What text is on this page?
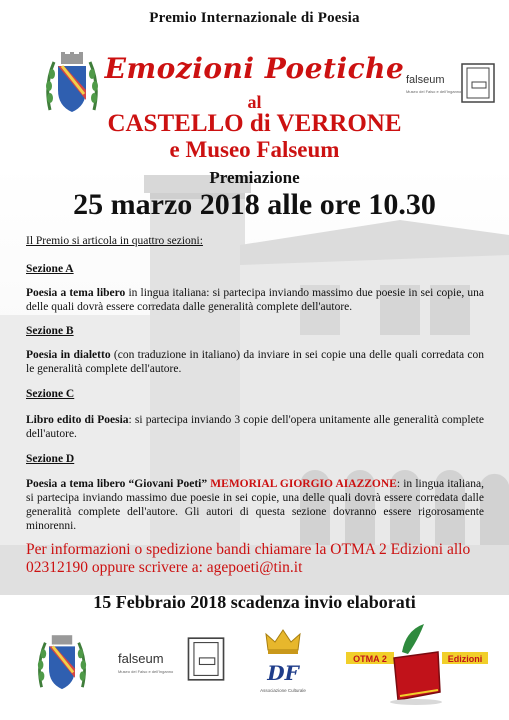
Premio Internazionale di Poesia
falseum
Museo del Falso e dell'Inganno
Emozioni Poetiche
al
CASTELLO di VERRONE
e Museo Falseum
Premiazione
25 marzo 2018 alle ore 10.30
Il Premio si articola in quattro sezioni:
Sezione A
Poesia a tema libero in lingua italiana: si partecipa inviando massimo due poesie in sei copie, una delle quali dovrà essere corredata dalle generalità complete dell'autore.
Sezione B
Poesia in dialetto (con traduzione in italiano) da inviare in sei copie una delle quali corredata con le generalità complete dell'autore.
Sezione C
Libro edito di Poesia: si partecipa inviando 3 copie dell'opera unitamente alle generalità complete dell'autore.
Sezione D
Poesia a tema libero “Giovani Poeti” MEMORIAL GIORGIO AIAZZONE: in lingua italiana, si partecipa inviando massimo due poesie in sei copie, una delle quali dovrà essere corredata dalle generalità complete dell'autore. Gli autori di questa sezione dovranno essere rigorosamente minorenni.
Per informazioni o spedizione bandi chiamare la OTMA 2 Edizioni allo 02312190 oppure scrivere a: agepoeti@tin.it
15 Febbraio 2018 scadenza invio elaborati
falseum
Museo del Falso e dell'Inganno	DF
Associazione Culturale
OTMA 2	Edizioni
